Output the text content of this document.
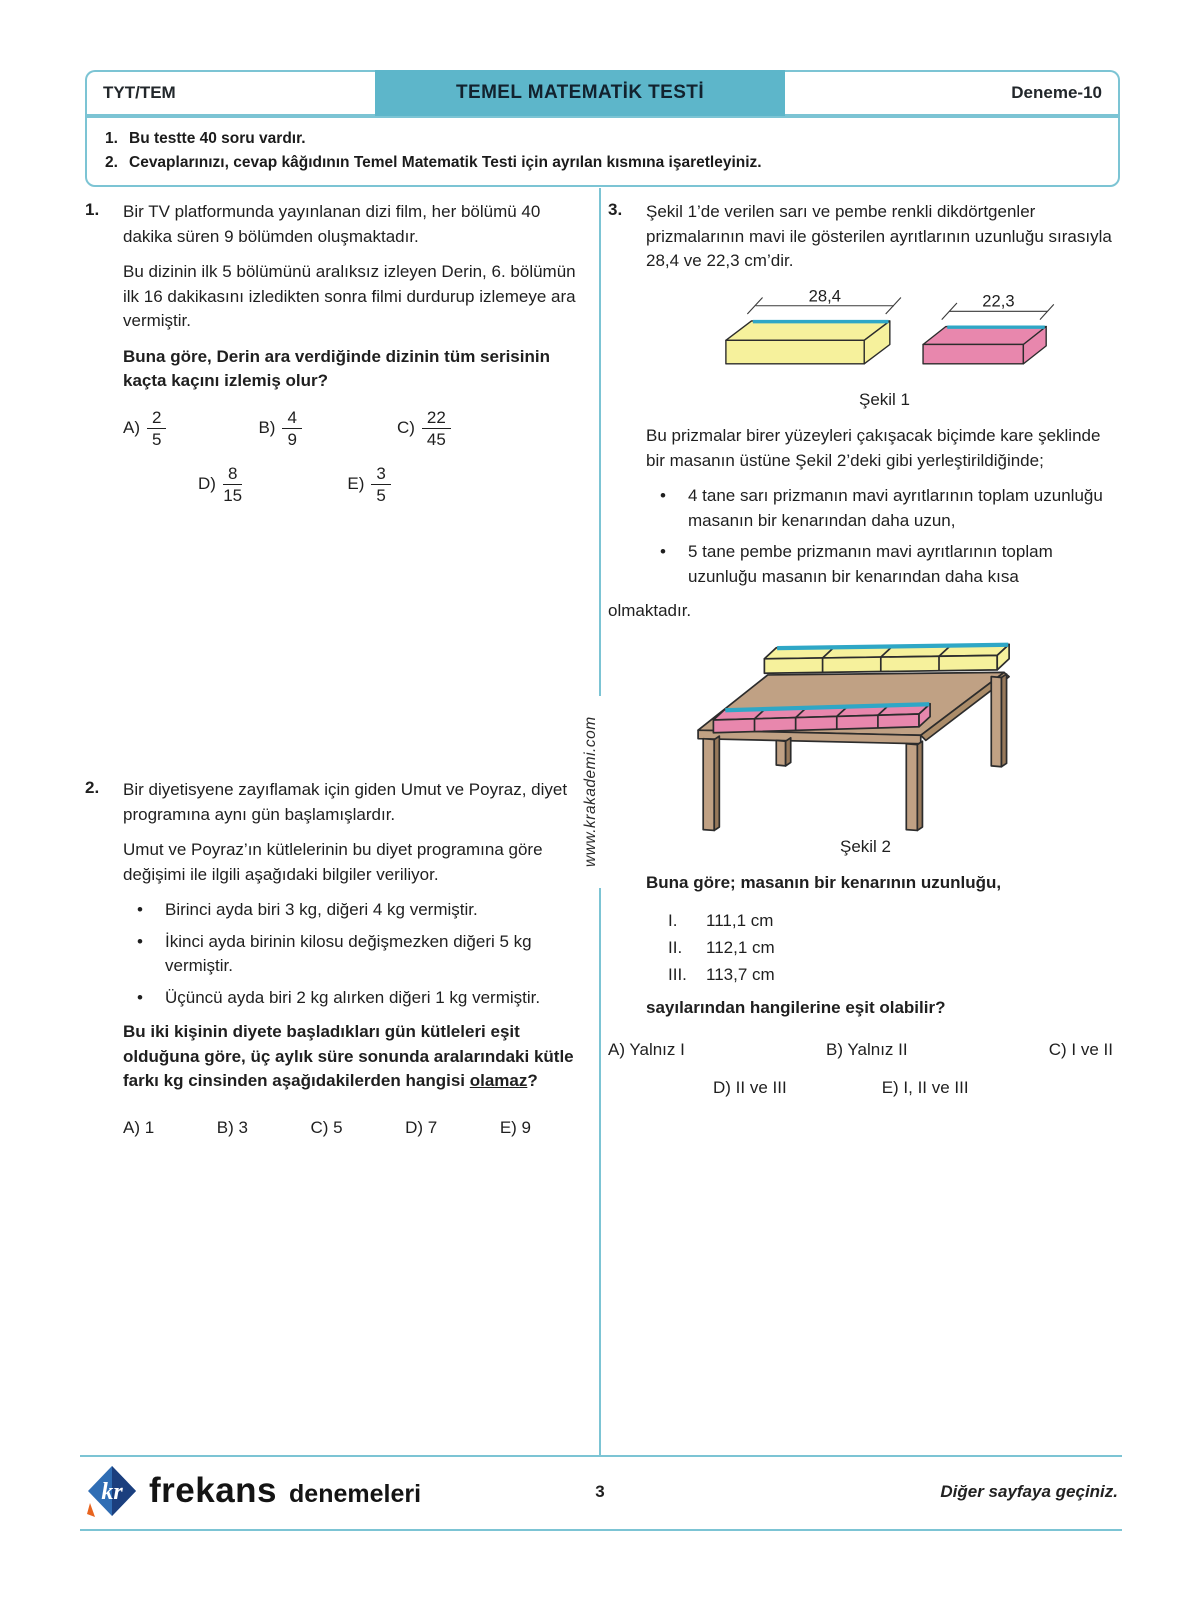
TYT/TEM	TEMEL MATEMATİK TESTİ	Deneme-10
1. Bu testte 40 soru vardır.
2. Cevaplarınızı, cevap kâğıdının Temel Matematik Testi için ayrılan kısmına işaretleyiniz.
www.krakademi.com
1. Bir TV platformunda yayınlanan dizi film, her bölümü 40 dakika süren 9 bölümden oluşmaktadır.

Bu dizinin ilk 5 bölümünü aralıksız izleyen Derin, 6. bölümün ilk 16 dakikasını izledikten sonra filmi durdurup izlemeye ara vermiştir.

Buna göre, Derin ara verdiğinde dizinin tüm serisinin kaçta kaçını izlemiş olur?

$A) \frac{2}{5}$	$B) \frac{4}{9}$	$C) \frac{22}{45}$
$D) \frac{8}{15}$	$E) \frac{3}{5}$
2. Bir diyetisyene zayıflamak için giden Umut ve Poyraz, diyet programına aynı gün başlamışlardır.

Umut ve Poyraz’ın kütlelerinin bu diyet programına göre değişimi ile ilgili aşağıdaki bilgiler veriliyor.

•	Birinci ayda biri 3 kg, diğeri 4 kg vermiştir.
•	İkinci ayda birinin kilosu değişmezken diğeri 5 kg vermiştir.
•	Üçüncü ayda biri 2 kg alırken diğeri 1 kg vermiştir.

Bu iki kişinin diyete başladıkları gün kütleleri eşit olduğuna göre, üç aylık süre sonunda aralarındaki kütle farkı kg cinsinden aşağıdakilerden hangisi olamaz?

A) 1	B) 3	C) 5	D) 7	E) 9
3. Şekil 1’de verilen sarı ve pembe renkli dikdörtgenler prizmalarının mavi ile gösterilen ayrıtlarının uzunluğu sırasıyla 28,4 ve 22,3 cm’dir.

28,4	22,3
Şekil 1

Bu prizmalar birer yüzeyleri çakışacak biçimde kare şeklinde bir masanın üstüne Şekil 2’deki gibi yerleştirildiğinde;

•	4 tane sarı prizmanın mavi ayrıtlarının toplam uzunluğu masanın bir kenarından daha uzun,
•	5 tane pembe prizmanın mavi ayrıtlarının toplam uzunluğu masanın bir kenarından daha kısa

olmaktadır.

Şekil 2

Buna göre; masanın bir kenarının uzunluğu,

I.	111,1 cm
II.	112,1 cm
III.	113,7 cm

sayılarından hangilerine eşit olabilir?

A) Yalnız I	B) Yalnız II	C) I ve II
D) II ve III	E) I, II ve III
kr frekans denemeleri	3	Diğer sayfaya geçiniz.
